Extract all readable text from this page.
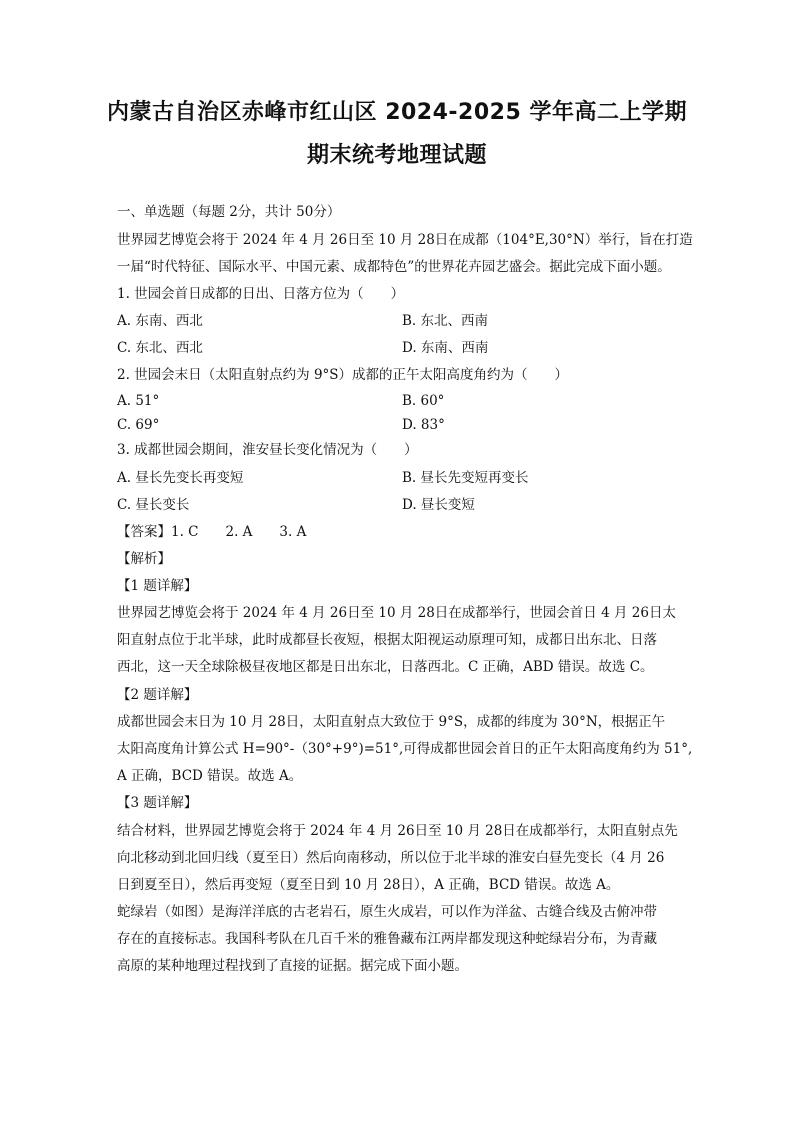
内蒙古自治区赤峰市红山区 2024-2025 学年高二上学期
期末统考地理试题
一、单选题（每题 2分，共计 50分）
世界园艺博览会将于 2024 年 4 月 26日至 10 月 28日在成都（104°E,30°N）举行，旨在打造
一届“时代特征、国际水平、中国元素、成都特色”的世界花卉园艺盛会。据此完成下面小题。
1. 世园会首日成都的日出、日落方位为（　　）
A. 东南、西北	B. 东北、西南
C. 东北、西北	D. 东南、西南
2. 世园会末日（太阳直射点约为 9°S）成都的正午太阳高度角约为（　　）
A. 51°	B. 60°
C. 69°	D. 83°
3. 成都世园会期间，淮安昼长变化情况为（　　）
A. 昼长先变长再变短	B. 昼长先变短再变长
C. 昼长变长	D. 昼长变短
【答案】1. C　　2. A　　3. A
【解析】
【1 题详解】
世界园艺博览会将于 2024 年 4 月 26日至 10 月 28日在成都举行，世园会首日 4 月 26日太
阳直射点位于北半球，此时成都昼长夜短，根据太阳视运动原理可知，成都日出东北、日落
西北，这一天全球除极昼夜地区都是日出东北，日落西北。C 正确，ABD 错误。故选 C。
【2 题详解】
成都世园会末日为 10 月 28日，太阳直射点大致位于 9°S，成都的纬度为 30°N，根据正午
太阳高度角计算公式 H=90°-（30°+9°)=51°,可得成都世园会首日的正午太阳高度角约为 51°,
A 正确，BCD 错误。故选 A。
【3 题详解】
结合材料，世界园艺博览会将于 2024 年 4 月 26日至 10 月 28日在成都举行，太阳直射点先
向北移动到北回归线（夏至日）然后向南移动，所以位于北半球的淮安白昼先变长（4 月 26
日到夏至日），然后再变短（夏至日到 10 月 28日），A 正确，BCD 错误。故选 A。
蛇绿岩（如图）是海洋洋底的古老岩石，原生火成岩，可以作为洋盆、古缝合线及古俯冲带
存在的直接标志。我国科考队在几百千米的雅鲁藏布江两岸都发现这种蛇绿岩分布，为青藏
高原的某种地理过程找到了直接的证据。据完成下面小题。
